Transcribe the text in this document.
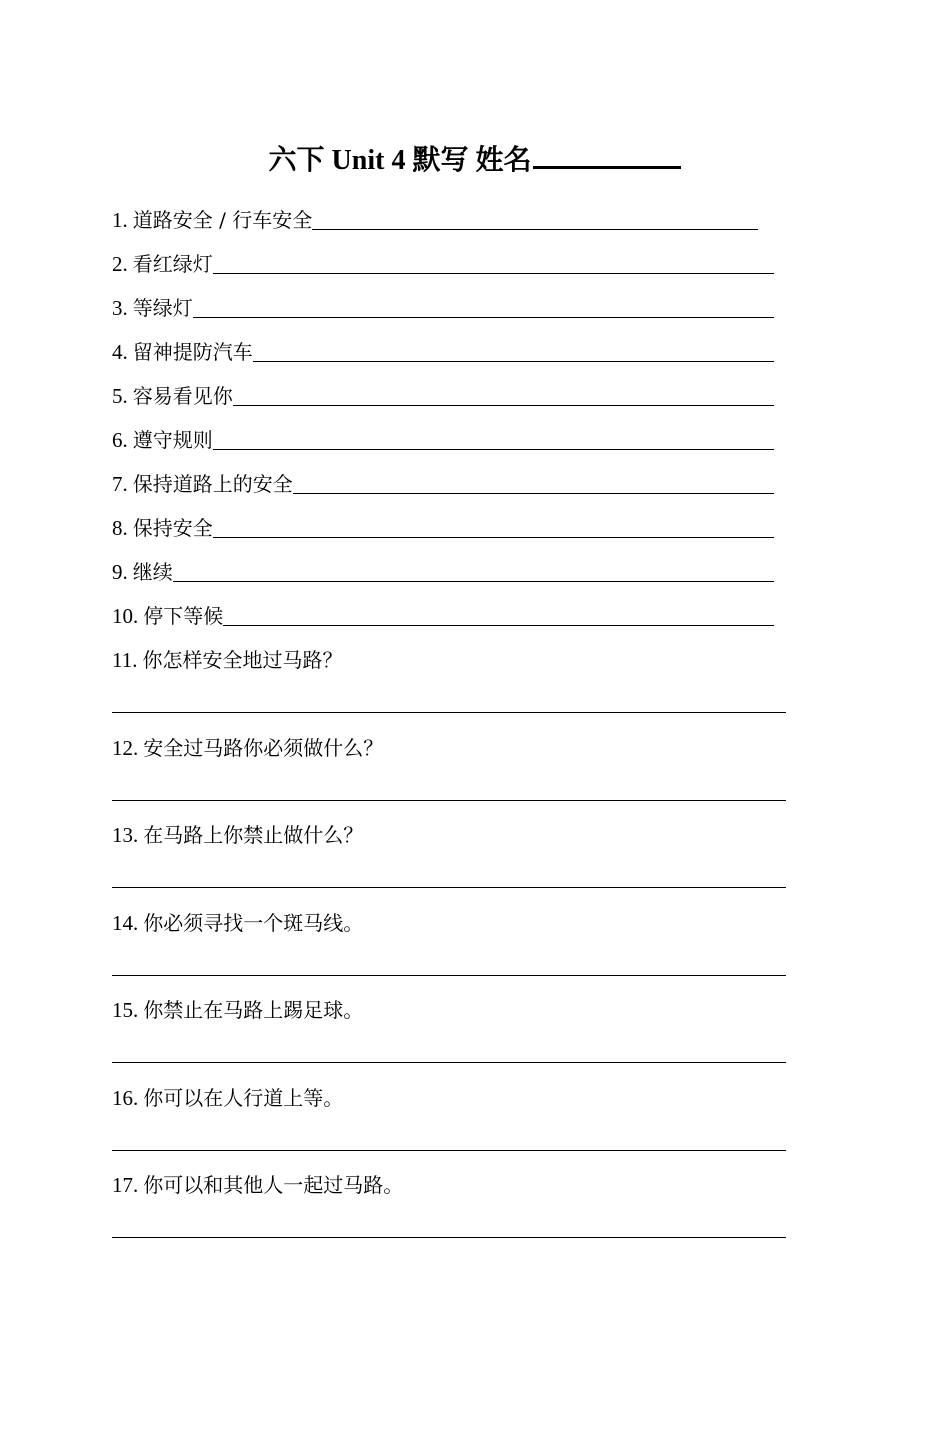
六下 Unit 4 默写 姓名
1. 道路安全 / 行车安全
2. 看红绿灯
3. 等绿灯
4. 留神提防汽车
5. 容易看见你
6. 遵守规则
7. 保持道路上的安全
8. 保持安全
9. 继续
10. 停下等候
11. 你怎样安全地过马路？
12. 安全过马路你必须做什么？
13. 在马路上你禁止做什么？
14. 你必须寻找一个斑马线。
15. 你禁止在马路上踢足球。
16. 你可以在人行道上等。
17. 你可以和其他人一起过马路。
